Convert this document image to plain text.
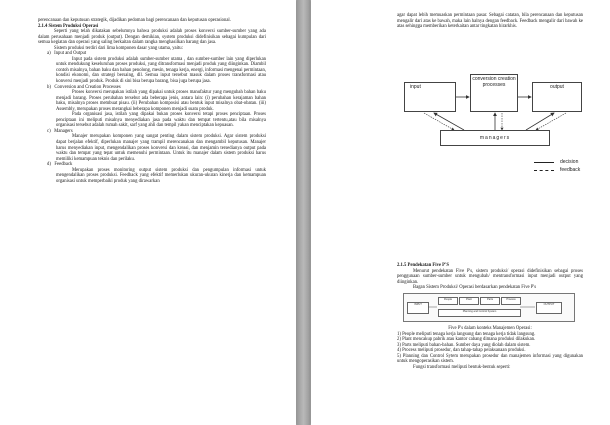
perencanaan dan keputusan strategik, dijadikan pedoman bagi perencanaan dan keputusan operasional.

2.1.4 Sistem Produksi Operasi

Seperti yang telah dikatakan sebelumnya bahwa produksi adalah proses konversi sumber-sumber yang ada dalam perusahaan menjadi produk (output). Dengan demikian, system produksi didefinisikan sebagai kumpulan dari semua kegiatan dan operasi yang saling berkaitan dalam rangka menghasilkan barang dan jasa.

Sistem produksi terdiri dari lima komponen dasar yang utama, yaitu:

a)   Input and Output

Input pada sistem produksi adalah sumber-sumber utama , dan sumber-sumber lain yang diperlukan untuk mendukung keseluruhan proses produksi, yang ditransformasi menjadi produk yang diinginkan. Diambil contoh misalnya, bahan baku dan bahan penolong, mesin, tenaga kerja, energi, informasi mengenai permintaan, kondisi ekonomi, dan strategi bersaing, dll. Semua input tersebut masuk dalam proses transformasi atau konversi menjadi produk. Produk di sini bisa berupa barang, bisa juga berupa jasa.

b)   Conversion and Creation Processes

Proses konversi merupakan istilah yang dipakai untuk proses manufaktur yang mengubah bahan baku menjadi barang. Proses perubahan tersebut ada beberapa jenis, antara lain: (i) perubahan kerajaman bahan baku, misalnya proses membuat pisau. (ii) Perubahan komposisi atau bentuk input misalnya obat-obatan. (iii) Assembly, merupakan proses merangkai beberapa komponen menjadi suatu produk.

Pada organisasi jasa, istilah yang dipakai bukan proses konversi tetapi proses penciptaan. Proses penciptaan ini meliputi misalnya menyediakan jasa pada waktu dan tempat tertentu,atau bila misalnya organisasi tersebut adalah rumah sakit, sarf yang ahli dan tempil yakan menciptakan kepuasan.

c)   Managers

Manajer merupakan komponen yang sangat penting dalam sistem produksi. Agar sistem produksi dapat berjalan efektif, diperlukan manajer yang trampil merencanakan dan mengambil keputusan. Manajer harus menyediakan input, mengendalikan proses konversi dan kreasi, dan menjamin tersedianya output pada waktu dan tempat yang tepat untuk memenuhi permintaan. Untuk itu manajer dalam sistem produksi harus memiliki kemampuan teknis dan perilaku.

d)   Feedback

Merupakan proses monitoring output sistem produksi dan pengumpulan informasi untuk mengendalikan proses produksi. Feedback yang efektif memerlukan ukuran-ukuran kinerja dan kemampuan organisasi untuk memperbaiki produk yang dirawarkan

agar dapat lebih memuaskan permintaan pasar. Sebagai catatan, bila perencanaan dan keputusan mengalir dari atas ke bawah, maka lain halnya dengan feedback. Feedback mengalir dari bawah ke atas sehingga memberikan keterkaitan antar tingkatan hirarkhis.

input
conversion creation processes	output
managers
decision
feedback

2.1.5 Pendekatan Five P'S

Menurut pendekatan Five P's, sistem produksi/ operasi didefinisikan sebagai proses penggunaan sumber-sumber untuk mengubah/ mentransformasi input menjadi output yang diinginkan.

Bagan Sistem Produksi/ Operasi berdasarkan pendekatan Five P's

INPUT
People	Plant	Parts	Process
Planning and Control System
OUTPUT

Five P's dalam konteks Manajemen Operasi:

1) People meliputi tenaga kerja langsung dan tenaga kerja tidak langsung.

2) Plant mencakup pabrik atau kantor cabang dimana produksi dilakukan.

3) Parts meliputi bahan-bahan. Sumber daya yang diolah dalam sistem.

4) Process meliputi prosedur, dan tahap-tahap pelaksanaan produksi.

5) Planning dan Control Sytem merupakan prosedur dan manajemen informasi yang digunakan untuk mengoperasikan sistem.

Fungsi transformasi meliputi bentuk-bentuk seperti:
